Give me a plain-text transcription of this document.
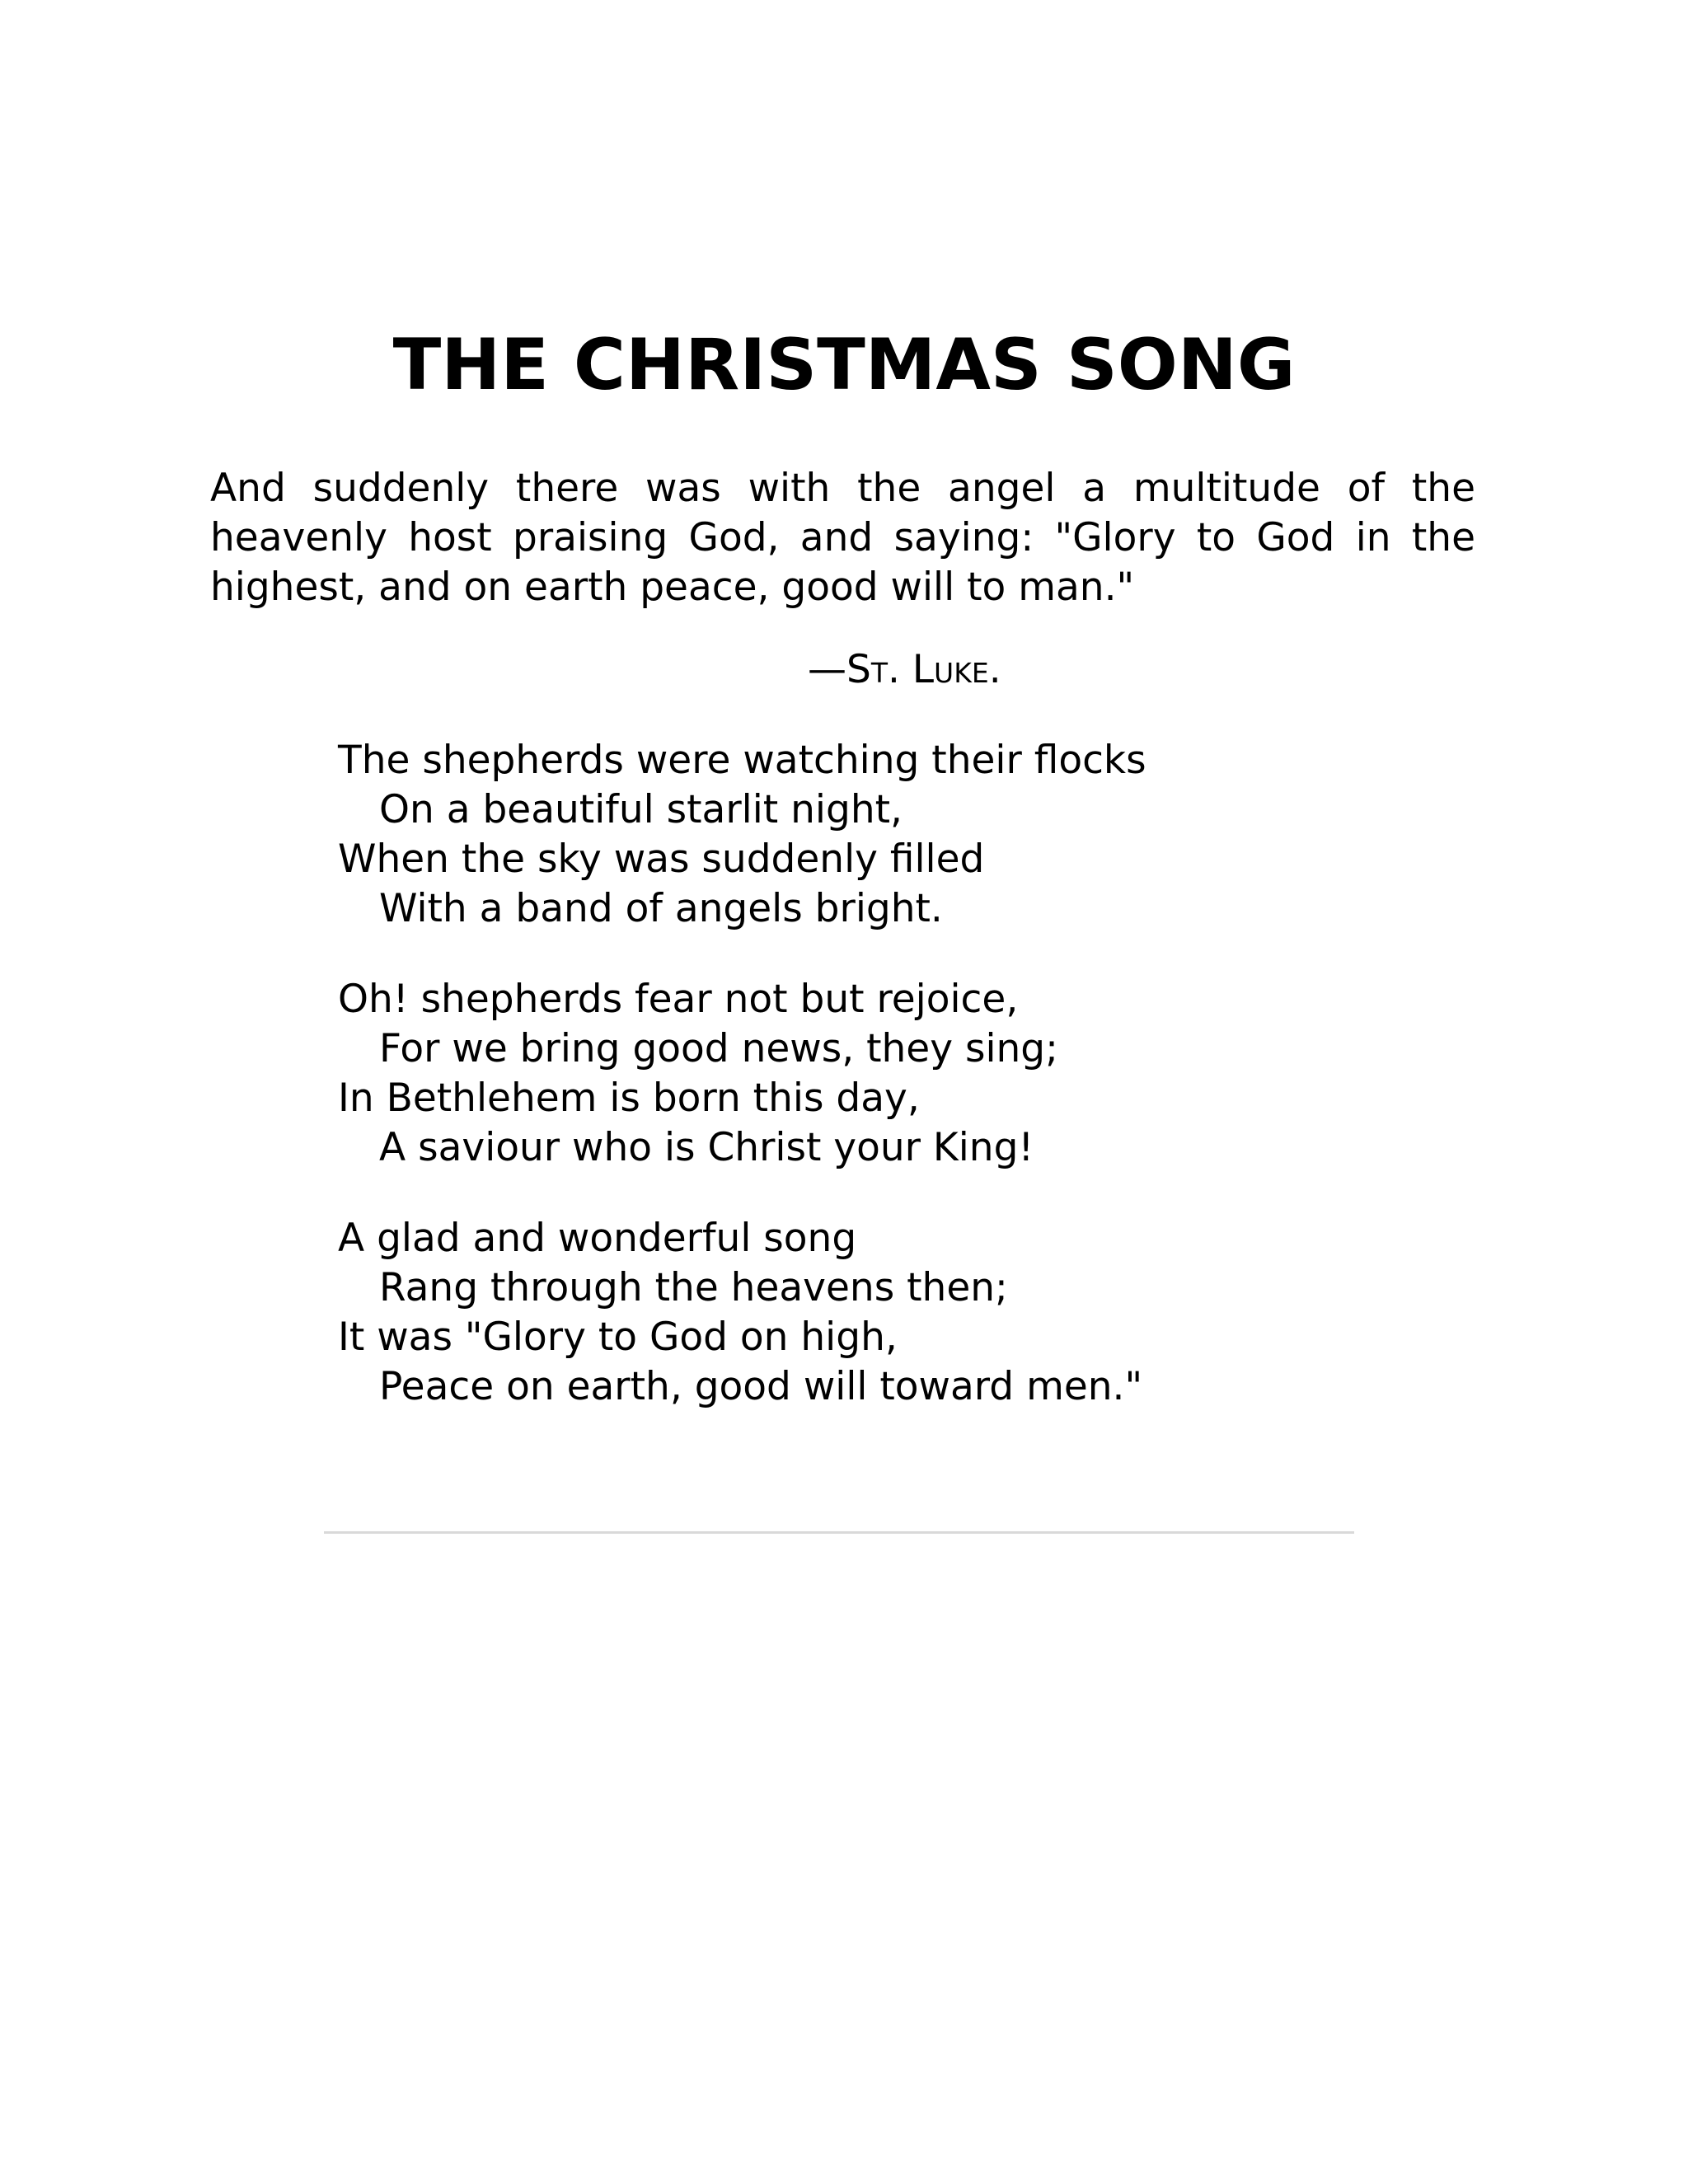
THE CHRISTMAS SONG

And suddenly there was with the angel a multitude of the heavenly host praising God, and saying: "Glory to God in the highest, and on earth peace, good will to man."

—St. Luke.

The shepherds were watching their flocks
On a beautiful starlit night,
When the sky was suddenly filled
With a band of angels bright.
Oh! shepherds fear not but rejoice,
For we bring good news, they sing;
In Bethlehem is born this day,
A saviour who is Christ your King!
A glad and wonderful song
Rang through the heavens then;
It was "Glory to God on high,
Peace on earth, good will toward men."
